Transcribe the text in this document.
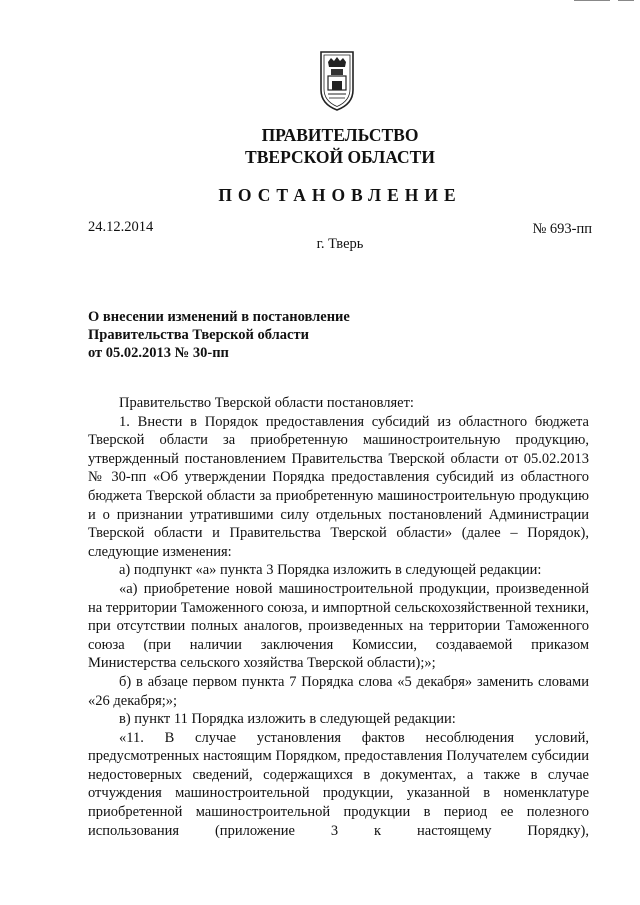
ПРАВИТЕЛЬСТВО
ТВЕРСКОЙ ОБЛАСТИ
ПОСТАНОВЛЕНИЕ
24.12.2014	№ 693-пп
г. Тверь
О внесении изменений в постановление
Правительства Тверской области
от 05.02.2013 № 30-пп

Правительство Тверской области постановляет:

1. Внести в Порядок предоставления субсидий из областного бюджета Тверской области за приобретенную машиностроительную продукцию, утвержденный постановлением Правительства Тверской области от 05.02.2013 № 30-пп «Об утверждении Порядка предоставления субсидий из областного бюджета Тверской области за приобретенную машиностроительную продукцию и о признании утратившими силу отдельных постановлений Администрации Тверской области и Правительства Тверской области» (далее – Порядок), следующие изменения:

а) подпункт «а» пункта 3 Порядка изложить в следующей редакции:

«а) приобретение новой машиностроительной продукции, произведенной на территории Таможенного союза, и импортной сельскохозяйственной техники, при отсутствии полных аналогов, произведенных на территории Таможенного союза (при наличии заключения Комиссии, создаваемой приказом Министерства сельского хозяйства Тверской области);»;

б) в абзаце первом пункта 7 Порядка слова «5 декабря» заменить словами «26 декабря;»;

в) пункт 11 Порядка изложить в следующей редакции:

«11. В случае установления фактов несоблюдения условий, предусмотренных настоящим Порядком, предоставления Получателем субсидии недостоверных сведений, содержащихся в документах, а также в случае отчуждения машиностроительной продукции, указанной в номенклатуре приобретенной машиностроительной продукции в период ее полезного использования (приложение 3 к настоящему Порядку),
